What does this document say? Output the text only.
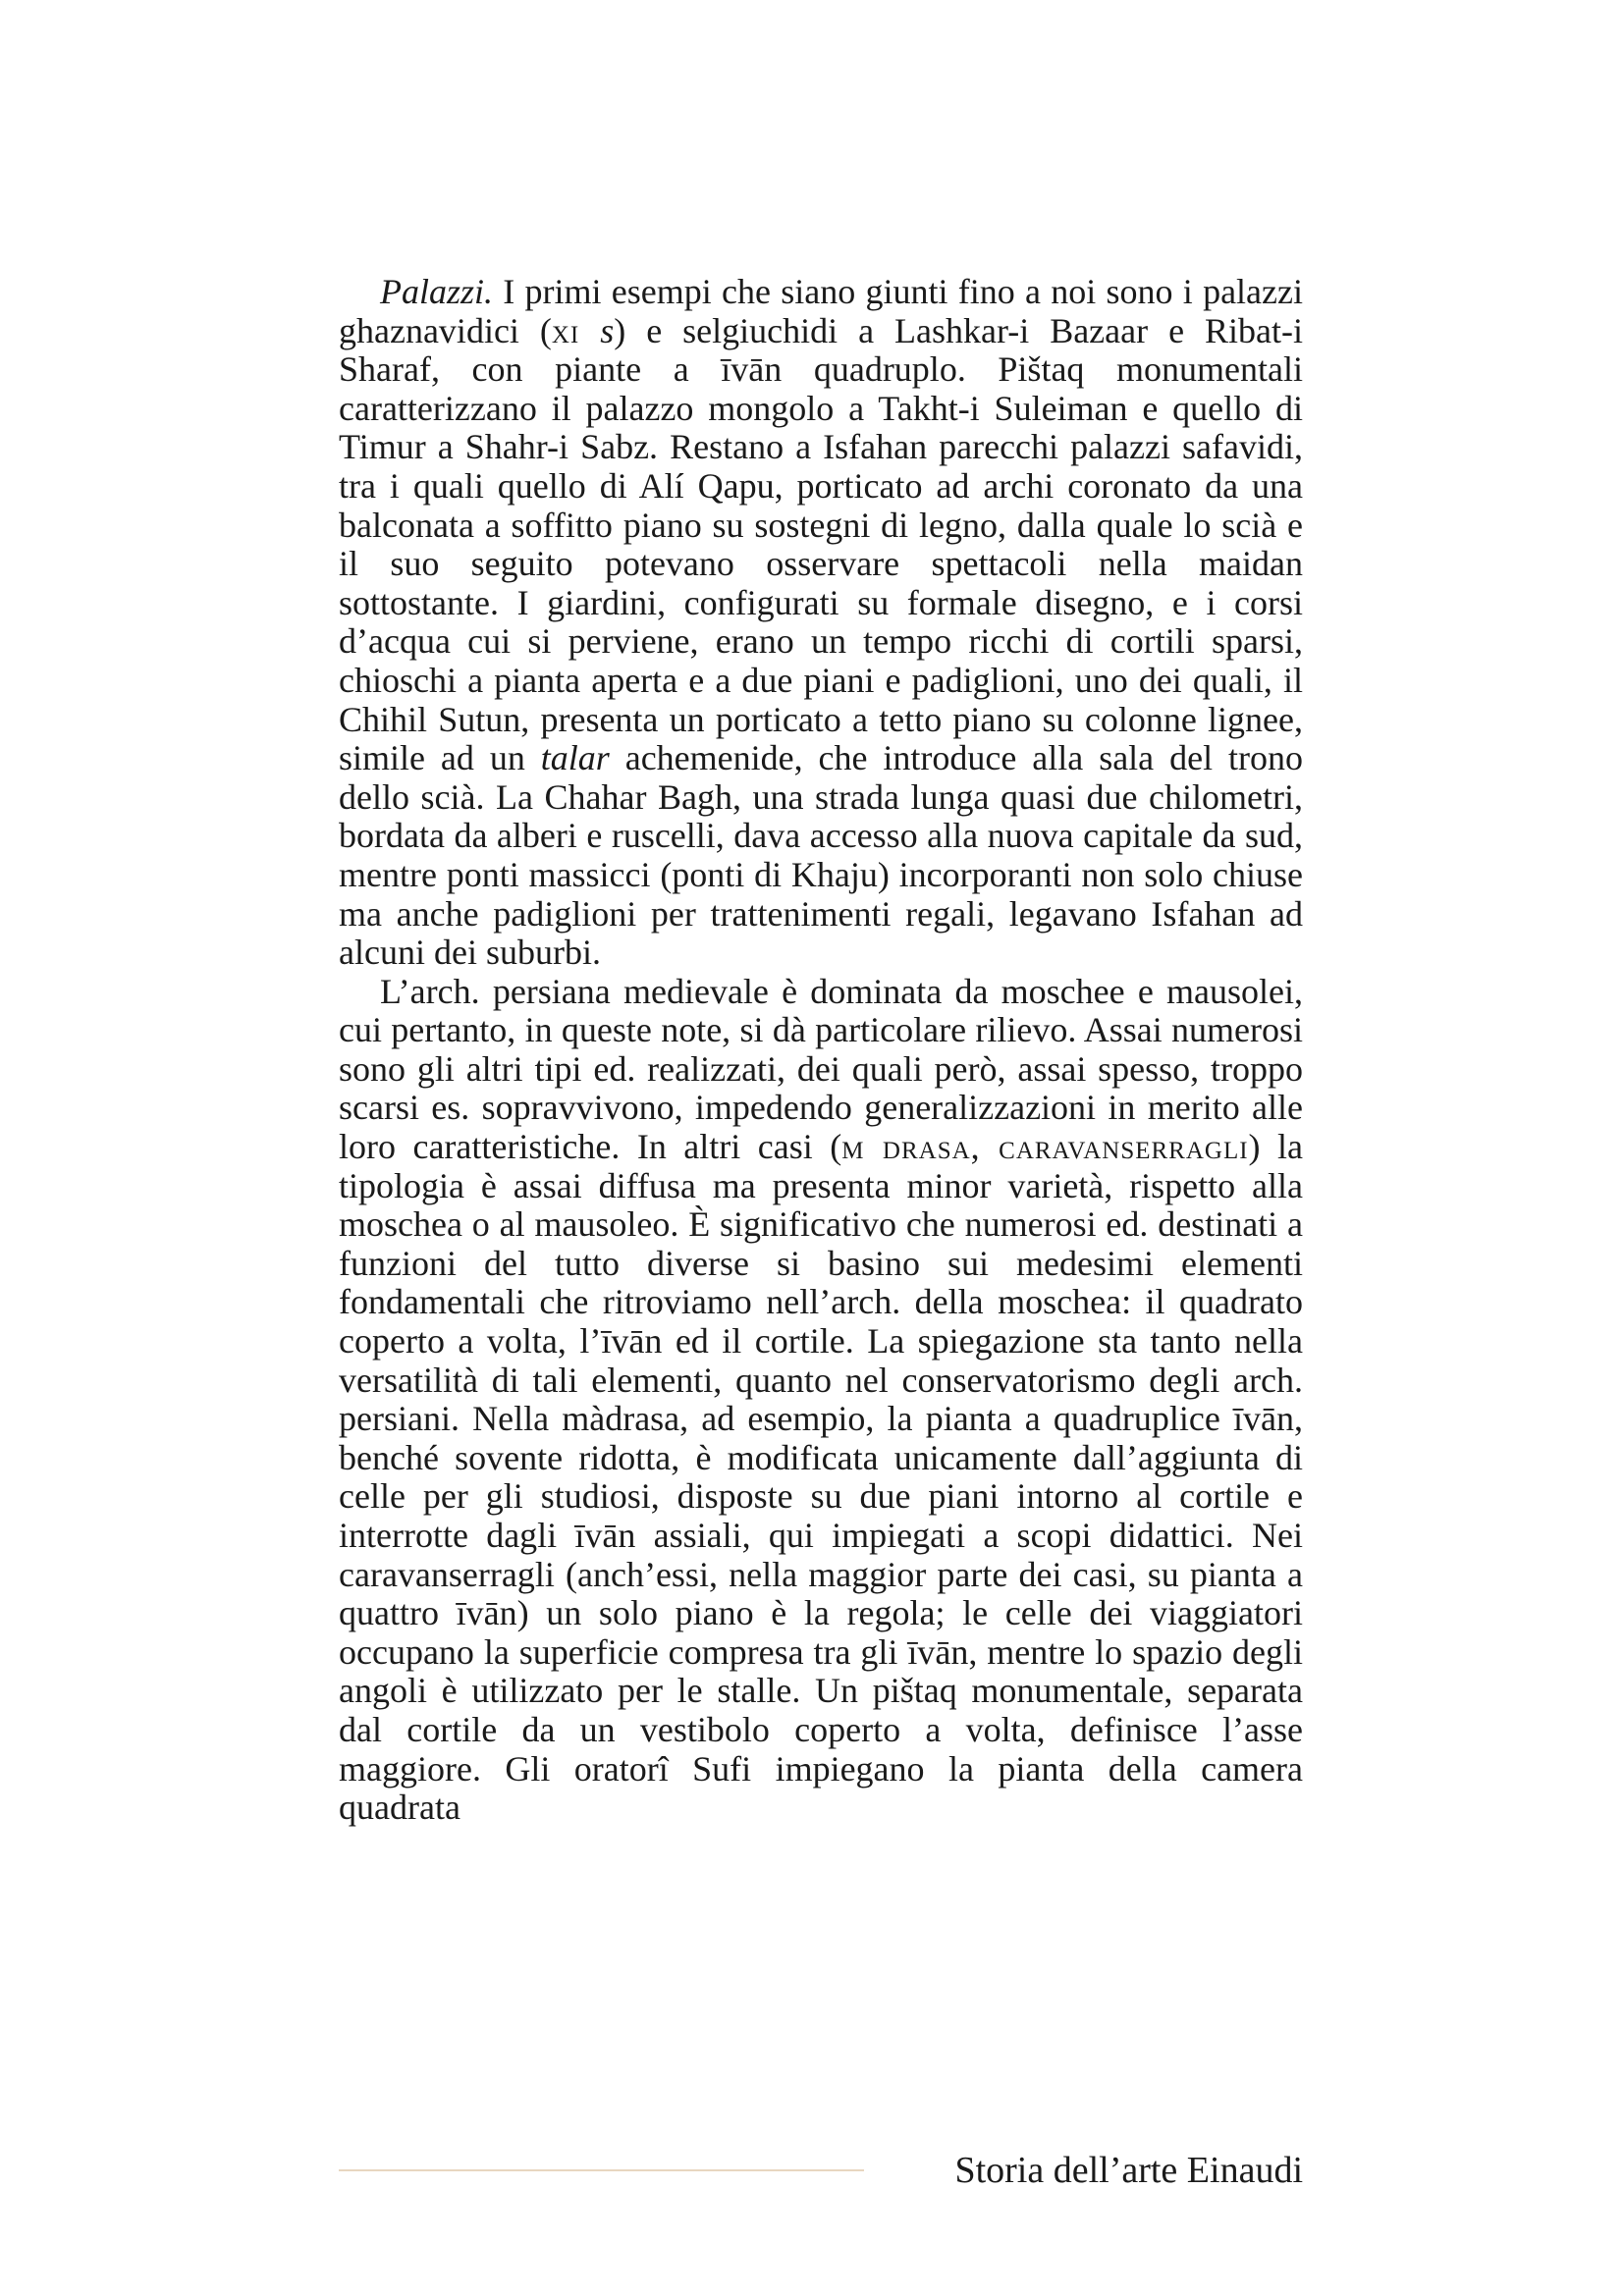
Palazzi. I primi esempi che siano giunti fino a noi sono i palazzi ghaznavidici (xi s) e selgiuchidi a Lashkar-i Bazaar e Ribat-i Sharaf, con piante a īvān quadruplo. Pištaq monumentali caratterizzano il palazzo mongolo a Takht-i Suleiman e quello di Timur a Shahr-i Sabz. Restano a Isfahan parecchi palazzi safavidi, tra i quali quello di Alí Qapu, porticato ad archi coronato da una balconata a soffitto piano su sostegni di legno, dalla quale lo scià e il suo seguito potevano osservare spettacoli nella maidan sottostante. I giardini, configurati su formale disegno, e i corsi d’acqua cui si perviene, erano un tempo ricchi di cortili sparsi, chioschi a pianta aperta e a due piani e padiglioni, uno dei quali, il Chihil Sutun, presenta un porticato a tetto piano su colonne lignee, simile ad un talar achemenide, che introduce alla sala del trono dello scià. La Chahar Bagh, una strada lunga quasi due chilometri, bordata da alberi e ruscelli, dava accesso alla nuova capitale da sud, mentre ponti massicci (ponti di Khaju) incorporanti non solo chiuse ma anche padiglioni per trattenimenti regali, legavano Isfahan ad alcuni dei suburbi.

L’arch. persiana medievale è dominata da moschee e mausolei, cui pertanto, in queste note, si dà particolare rilievo. Assai numerosi sono gli altri tipi ed. realizzati, dei quali però, assai spesso, troppo scarsi es. sopravvivono, impedendo generalizzazioni in merito alle loro caratteristiche. In altri casi (m drasa, caravanserragli) la tipologia è assai diffusa ma presenta minor varietà, rispetto alla moschea o al mausoleo. È significativo che numerosi ed. destinati a funzioni del tutto diverse si basino sui medesimi elementi fondamentali che ritroviamo nell’arch. della moschea: il quadrato coperto a volta, l’īvān ed il cortile. La spiegazione sta tanto nella versatilità di tali elementi, quanto nel conservatorismo degli arch. persiani. Nella màdrasa, ad esempio, la pianta a quadruplice īvān, benché sovente ridotta, è modificata unicamente dall’aggiunta di celle per gli studiosi, disposte su due piani intorno al cortile e interrotte dagli īvān assiali, qui impiegati a scopi didattici. Nei caravanserragli (anch’essi, nella maggior parte dei casi, su pianta a quattro īvān) un solo piano è la regola; le celle dei viaggiatori occupano la superficie compresa tra gli īvān, mentre lo spazio degli angoli è utilizzato per le stalle. Un pištaq monumentale, separata dal cortile da un vestibolo coperto a volta, definisce l’asse maggiore. Gli oratorî Sufi impiegano la pianta della camera quadrata

Storia dell’arte Einaudi
